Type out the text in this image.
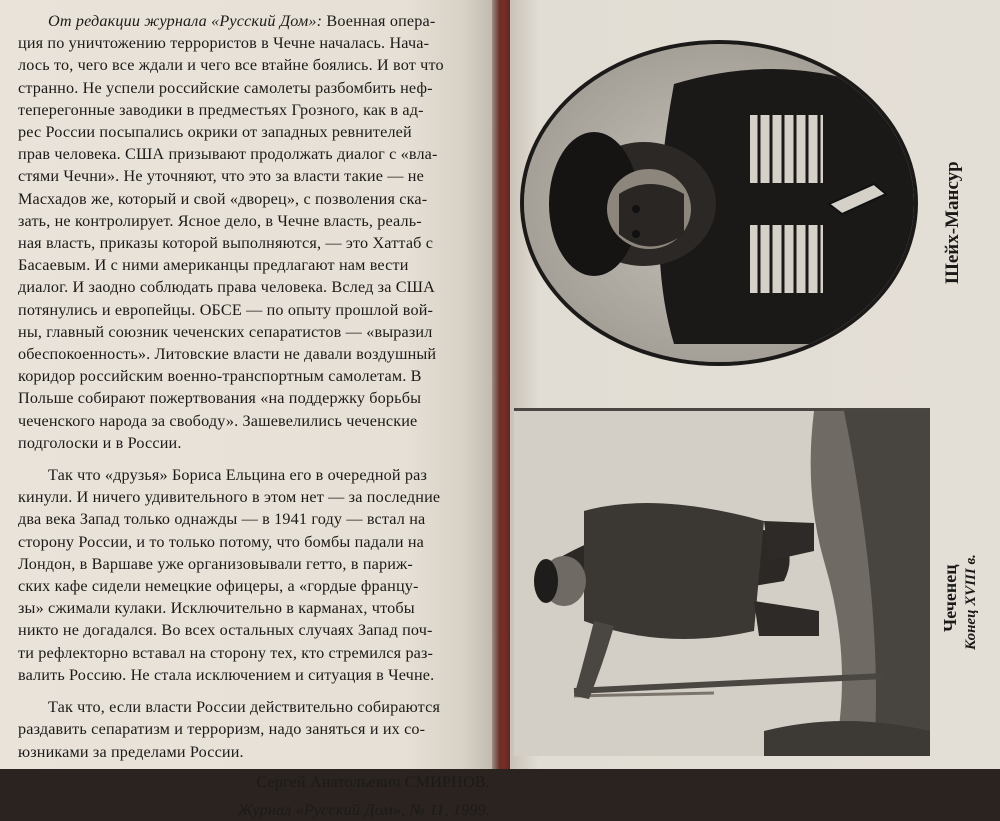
От редакции журнала «Русский Дом»: Военная опера-
ция по уничтожению террористов в Чечне началась. Нача-
лось то, чего все ждали и чего все втайне боялись. И вот что
странно. Не успели российские самолеты разбомбить неф-
теперегонные заводики в предместьях Грозного, как в ад-
рес России посыпались окрики от западных ревнителей
прав человека. США призывают продолжать диалог с «вла-
стями Чечни». Не уточняют, что это за власти такие — не
Масхадов же, который и свой «дворец», с позволения ска-
зать, не контролирует. Ясное дело, в Чечне власть, реаль-
ная власть, приказы которой выполняются, — это Хаттаб с
Басаевым. И с ними американцы предлагают нам вести
диалог. И заодно соблюдать права человека. Вслед за США
потянулись и европейцы. ОБСЕ — по опыту прошлой вой-
ны, главный союзник чеченских сепаратистов — «выразил
обеспокоенность». Литовские власти не давали воздушный
коридор российским военно-транспортным самолетам. В
Польше собирают пожертвования «на поддержку борьбы
чеченского народа за свободу». Зашевелились чеченские
подголоски и в России.
Так что «друзья» Бориса Ельцина его в очередной раз
кинули. И ничего удивительного в этом нет — за последние
два века Запад только однажды — в 1941 году — встал на
сторону России, и то только потому, что бомбы падали на
Лондон, в Варшаве уже организовывали гетто, в париж-
ских кафе сидели немецкие офицеры, а «гордые францу-
зы» сжимали кулаки. Исключительно в карманах, чтобы
никто не догадался. Во всех остальных случаях Запад поч-
ти рефлекторно вставал на сторону тех, кто стремился раз-
валить Россию. Не стала исключением и ситуация в Чечне.
Так что, если власти России действительно собираются
раздавить сепаратизм и терроризм, надо заняться и их со-
юзниками за пределами России.
Сергей Анатольевич СМИРНОВ.
Журнал «Русский Дом», № 11, 1999.
Шейх-Мансур
Чеченец Конец XVIII в.
